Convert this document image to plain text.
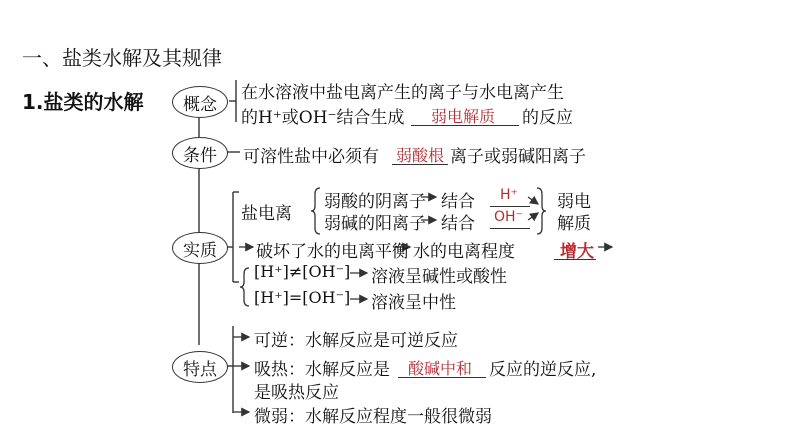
一、盐类水解及其规律
1.盐类的水解	概念
条件
实质
特点
在水溶液中盐电离产生的离子与水电离产生
的H⁺或OH⁻结合生成 弱电解质 的反应
可溶性盐中必须有 弱酸根 离子或弱碱阳离子
盐电离
弱酸的阴离子
弱碱的阳离子
结合
结合
H⁺
OH⁻
弱电
解质
破坏了水的电离平衡 水的电离程度	增大
[H⁺]≠[OH⁻] 溶液呈碱性或酸性
[H⁺]=[OH⁻] 溶液呈中性
可逆：水解反应是可逆反应
吸热：水解反应是 酸碱中和 反应的逆反应,
是吸热反应
微弱：水解反应程度一般很微弱
